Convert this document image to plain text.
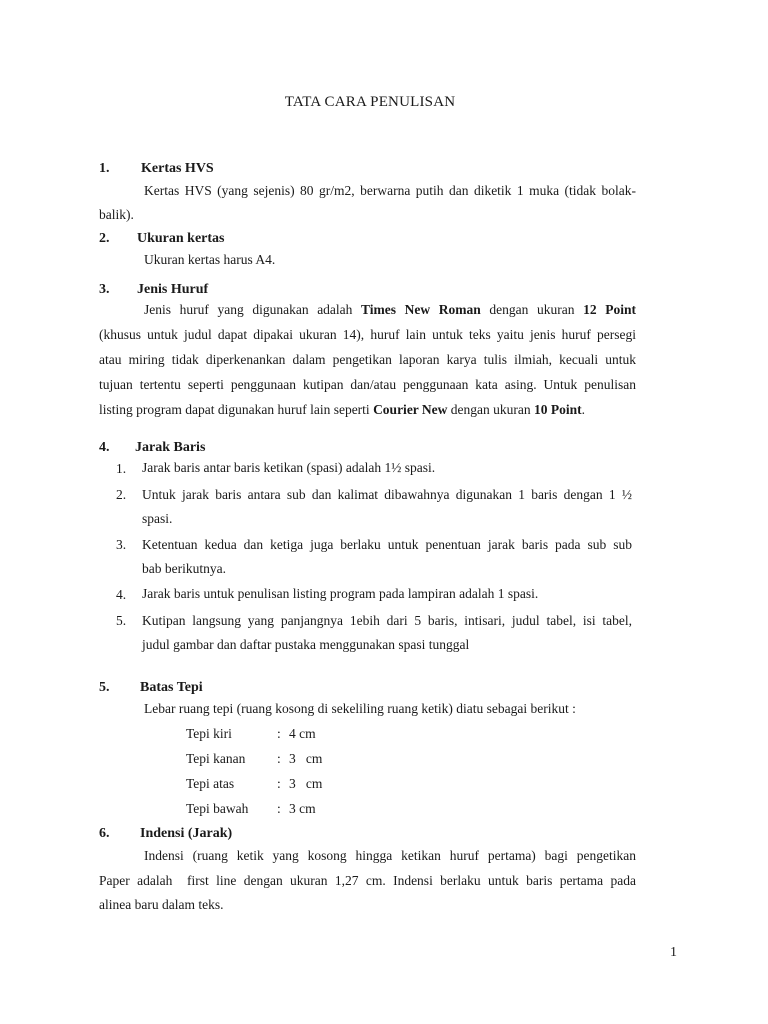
TATA CARA PENULISAN
1. Kertas HVS
Kertas HVS (yang sejenis) 80 gr/m2, berwarna putih dan diketik 1 muka (tidak bolak-
balik).
2. Ukuran kertas
Ukuran kertas harus A4.
3. Jenis Huruf
Jenis huruf yang digunakan adalah Times New Roman dengan ukuran 12 Point
(khusus untuk judul dapat dipakai ukuran 14), huruf lain untuk teks yaitu jenis huruf persegi
atau miring tidak diperkenankan dalam pengetikan laporan karya tulis ilmiah, kecuali untuk
tujuan tertentu seperti penggunaan kutipan dan/atau penggunaan kata asing. Untuk penulisan
listing program dapat digunakan huruf lain seperti Courier New dengan ukuran 10 Point.
4. Jarak Baris
1. Jarak baris antar baris ketikan (spasi) adalah 1½ spasi.
2. Untuk jarak baris antara sub dan kalimat dibawahnya digunakan 1 baris dengan 1 ½
spasi.
3. Ketentuan kedua dan ketiga juga berlaku untuk penentuan jarak baris pada sub sub
bab berikutnya.
4. Jarak baris untuk penulisan listing program pada lampiran adalah 1 spasi.
5. Kutipan langsung yang panjangnya 1ebih dari 5 baris, intisari, judul tabel, isi tabel,
judul gambar dan daftar pustaka menggunakan spasi tunggal
5. Batas Tepi
Lebar ruang tepi (ruang kosong di sekeliling ruang ketik) diatu sebagai berikut :
Tepi kiri	: 4 cm
Tepi kanan : 3   cm
Tepi atas	: 3   cm
Tepi bawah : 3 cm
6. Indensi (Jarak)
Indensi (ruang ketik yang kosong hingga ketikan huruf pertama) bagi pengetikan
Paper adalah  first line dengan ukuran 1,27 cm. Indensi berlaku untuk baris pertama pada
alinea baru dalam teks.
1
